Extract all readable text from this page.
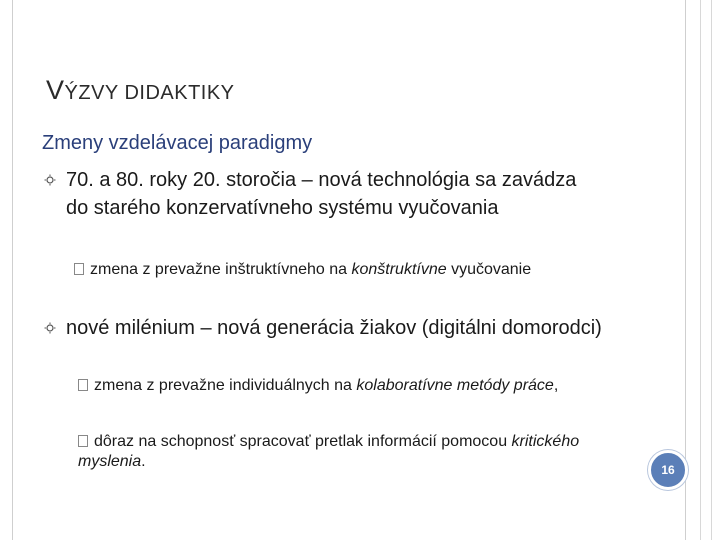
VÝZVY DIDAKTIKY
Zmeny vzdelávacej paradigmy
70. a 80. roky 20. storočia – nová technológia sa zavádza do starého konzervatívneho systému vyučovania
zmena z prevažne inštruktívneho na konštruktívne vyučovanie
nové milénium – nová generácia žiakov (digitálni domorodci)
zmena z prevažne individuálnych na kolaboratívne metódy práce,
dôraz na schopnosť spracovať pretlak informácií pomocou kritického myslenia.	16
